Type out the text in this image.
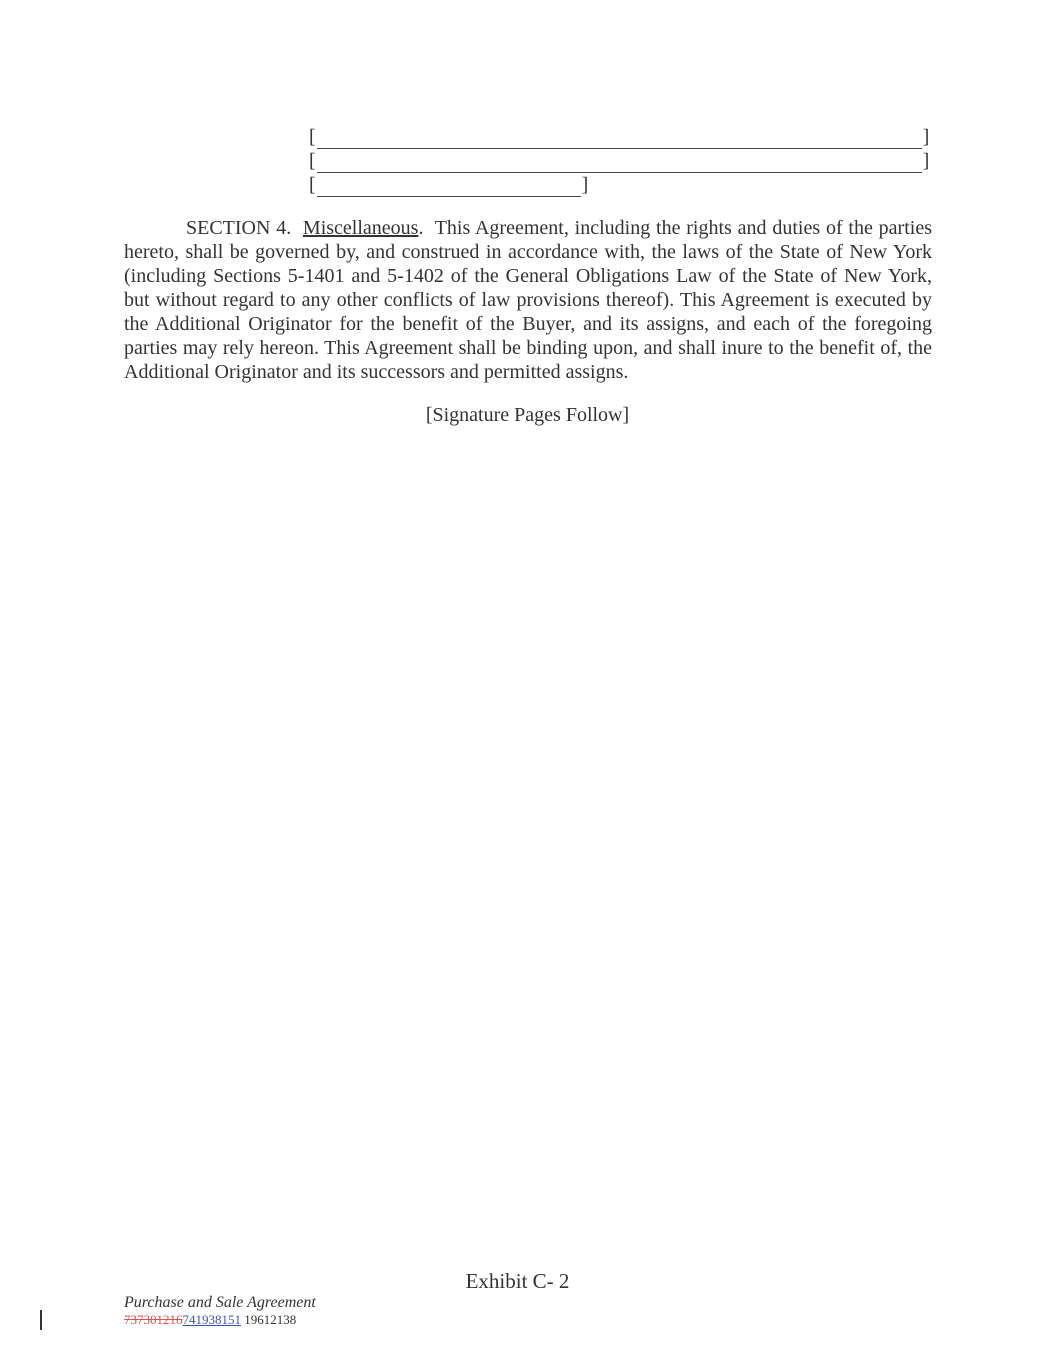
[	]
[	]
[	]
SECTION 4. Miscellaneous. This Agreement, including the rights and duties of the parties hereto, shall be governed by, and construed in accordance with, the laws of the State of New York (including Sections 5-1401 and 5-1402 of the General Obligations Law of the State of New York, but without regard to any other conflicts of law provisions thereof). This Agreement is executed by the Additional Originator for the benefit of the Buyer, and its assigns, and each of the foregoing parties may rely hereon. This Agreement shall be binding upon, and shall inure to the benefit of, the Additional Originator and its successors and permitted assigns.
[Signature Pages Follow]
Exhibit C- 2
Purchase and Sale Agreement
737301216741938151 19612138
